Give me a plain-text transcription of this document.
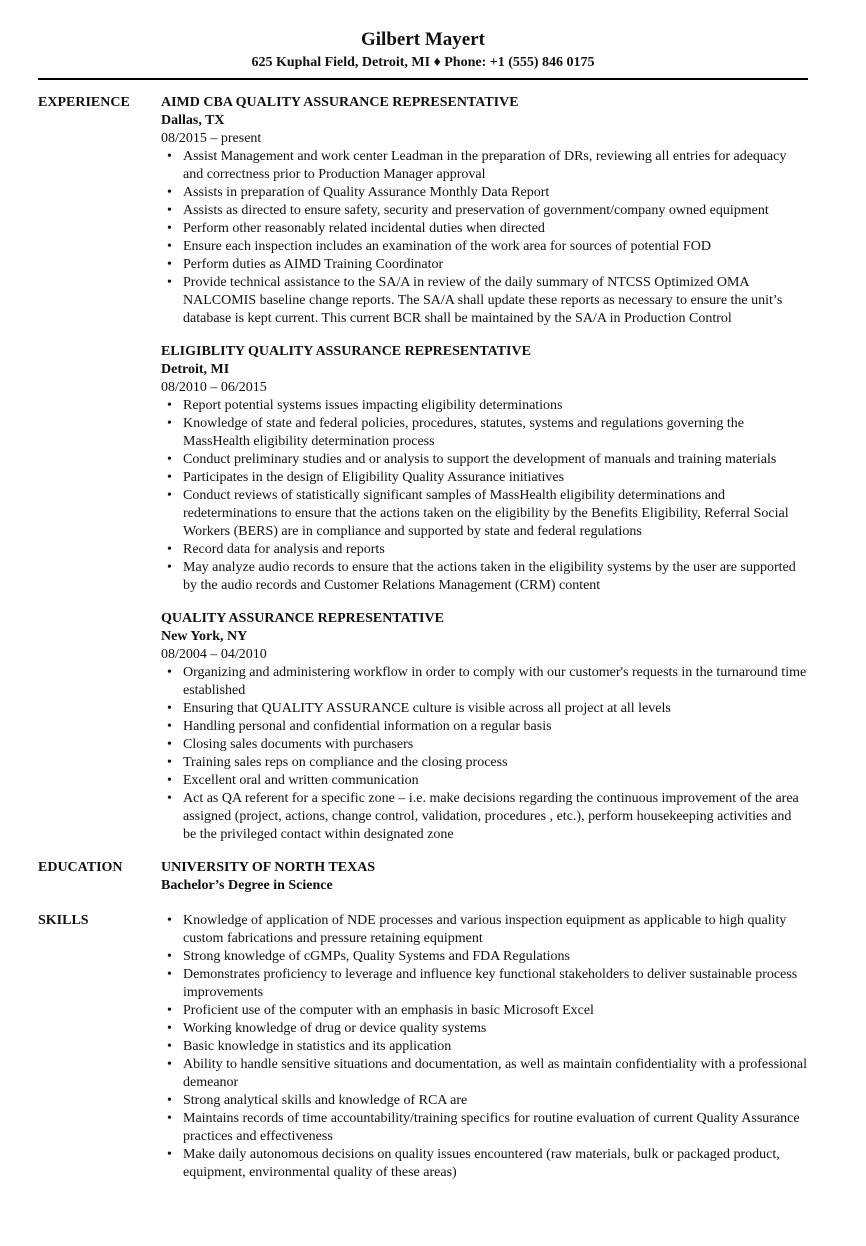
Gilbert Mayert
625 Kuphal Field, Detroit, MI ♦ Phone: +1 (555) 846 0175
EXPERIENCE	AIMD CBA QUALITY ASSURANCE REPRESENTATIVE
Dallas, TX
08/2015 – present
• Assist Management and work center Leadman in the preparation of DRs, reviewing all entries for adequacy and correctness prior to Production Manager approval
• Assists in preparation of Quality Assurance Monthly Data Report
• Assists as directed to ensure safety, security and preservation of government/company owned equipment
• Perform other reasonably related incidental duties when directed
• Ensure each inspection includes an examination of the work area for sources of potential FOD
• Perform duties as AIMD Training Coordinator
• Provide technical assistance to the SA/A in review of the daily summary of NTCSS Optimized OMA NALCOMIS baseline change reports. The SA/A shall update these reports as necessary to ensure the unit’s database is kept current. This current BCR shall be maintained by the SA/A in Production Control
ELIGIBLITY QUALITY ASSURANCE REPRESENTATIVE
Detroit, MI
08/2010 – 06/2015
• Report potential systems issues impacting eligibility determinations
• Knowledge of state and federal policies, procedures, statutes, systems and regulations governing the MassHealth eligibility determination process
• Conduct preliminary studies and or analysis to support the development of manuals and training materials
• Participates in the design of Eligibility Quality Assurance initiatives
• Conduct reviews of statistically significant samples of MassHealth eligibility determinations and redeterminations to ensure that the actions taken on the eligibility by the Benefits Eligibility, Referral Social Workers (BERS) are in compliance and supported by state and federal regulations
• Record data for analysis and reports
• May analyze audio records to ensure that the actions taken in the eligibility systems by the user are supported by the audio records and Customer Relations Management (CRM) content
QUALITY ASSURANCE REPRESENTATIVE
New York, NY
08/2004 – 04/2010
• Organizing and administering workflow in order to comply with our customer's requests in the turnaround time established
• Ensuring that QUALITY ASSURANCE culture is visible across all project at all levels
• Handling personal and confidential information on a regular basis
• Closing sales documents with purchasers
• Training sales reps on compliance and the closing process
• Excellent oral and written communication
• Act as QA referent for a specific zone – i.e. make decisions regarding the continuous improvement of the area assigned (project, actions, change control, validation, procedures , etc.), perform housekeeping activities and be the privileged contact within designated zone
EDUCATION	UNIVERSITY OF NORTH TEXAS
Bachelor’s Degree in Science
SKILLS
•	Knowledge of application of NDE processes and various inspection equipment as applicable to high quality custom fabrications and pressure retaining equipment
• Strong knowledge of cGMPs, Quality Systems and FDA Regulations
• Demonstrates proficiency to leverage and influence key functional stakeholders to deliver sustainable process improvements
• Proficient use of the computer with an emphasis in basic Microsoft Excel
• Working knowledge of drug or device quality systems
• Basic knowledge in statistics and its application
• Ability to handle sensitive situations and documentation, as well as maintain confidentiality with a professional demeanor
• Strong analytical skills and knowledge of RCA are
• Maintains records of time accountability/training specifics for routine evaluation of current Quality Assurance practices and effectiveness
• Make daily autonomous decisions on quality issues encountered (raw materials, bulk or packaged product, equipment, environmental quality of these areas)
